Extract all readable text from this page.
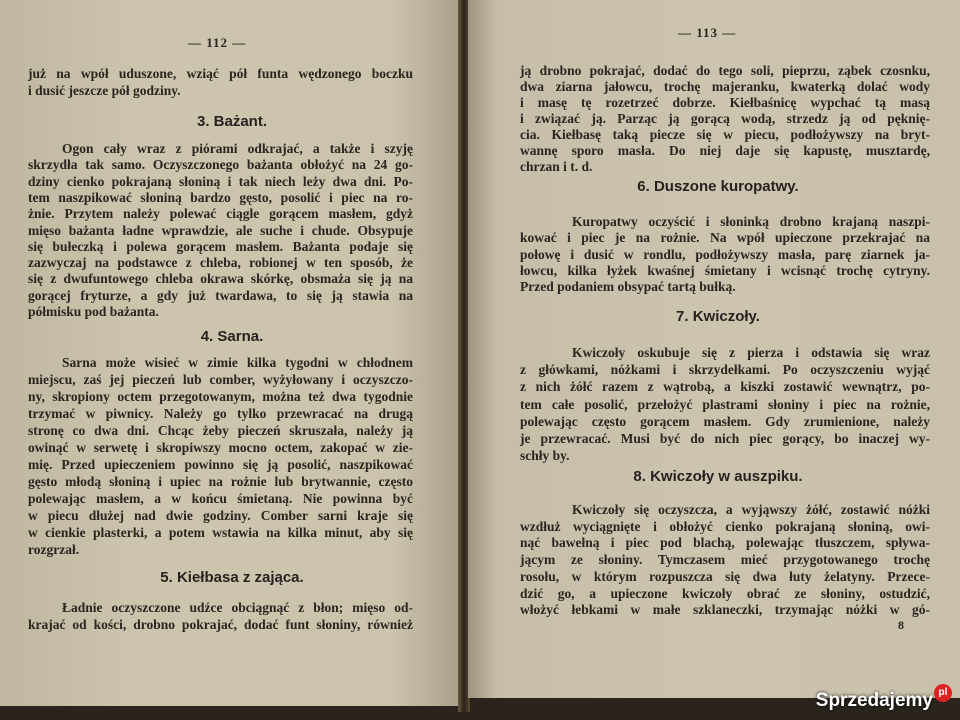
— 112 —
już na wpół uduszone, wziąć pół funta wędzonego boczku
i dusić jeszcze pół godziny.
3. Bażant.
Ogon cały wraz z piórami odkrajać, a także i szyję
skrzydła tak samo. Oczyszczonego bażanta obłożyć na 24 go-
dziny cienko pokrajaną słoniną i tak niech leży dwa dni. Po-
tem naszpikować słoniną bardzo gęsto, posolić i piec na ro-
żnie. Przytem należy polewać ciągle gorącem masłem, gdyż
mięso bażanta ładne wprawdzie, ale suche i chude. Obsypuje
się bułeczką i polewa gorącem masłem. Bażanta podaje się
zazwyczaj na podstawce z chleba, robionej w ten sposób, że
się z dwufuntowego chleba okrawa skórkę, obsmaża się ją na
gorącej fryturze, a gdy już twardawa, to się ją stawia na
półmisku pod bażanta.
4. Sarna.
Sarna może wisieć w zimie kilka tygodni w chłodnem
miejscu, zaś jej pieczeń lub comber, wyżyłowany i oczyszczo-
ny, skropiony octem przegotowanym, można też dwa tygodnie
trzymać w piwnicy. Należy go tylko przewracać na drugą
stronę co dwa dni. Chcąc żeby pieczeń skruszała, należy ją
owinąć w serwetę i skropiwszy mocno octem, zakopać w zie-
mię. Przed upieczeniem powinno się ją posolić, naszpikować
gęsto młodą słoniną i upiec na rożnie lub brytwannie, często
polewając masłem, a w końcu śmietaną. Nie powinna być
w piecu dłużej nad dwie godziny. Comber sarni kraje się
w cienkie plasterki, a potem wstawia na kilka minut, aby się
rozgrzał.
5. Kiełbasa z zająca.
Ładnie oczyszczone udźce obciągnąć z błon; mięso od-
krajać od kości, drobno pokrajać, dodać funt słoniny, również
— 113 —
8
ją drobno pokrajać, dodać do tego soli, pieprzu, ząbek czosnku,
dwa ziarna jałowcu, trochę majeranku, kwaterką dolać wody
i masę tę rozetrzeć dobrze. Kiełbaśnicę wypchać tą masą
i związać ją. Parząc ją gorącą wodą, strzedz ją od pęknię-
cia. Kiełbasę taką piecze się w piecu, podłożywszy na bryt-
wannę sporo masła. Do niej daje się kapustę, musztardę,
chrzan i t. d.
6. Duszone kuropatwy.
Kuropatwy oczyścić i słoninką drobno krajaną naszpi-
kować i piec je na rożnie. Na wpół upieczone przekrajać na
połowę i dusić w rondlu, podłożywszy masła, parę ziarnek ja-
łowcu, kilka łyżek kwaśnej śmietany i wcisnąć trochę cytryny.
Przed podaniem obsypać tartą bułką.
7. Kwiczoły.
Kwiczoły oskubuje się z pierza i odstawia się wraz
z główkami, nóżkami i skrzydełkami. Po oczyszczeniu wyjąć
z nich żółć razem z wątrobą, a kiszki zostawić wewnątrz, po-
tem całe posolić, przełożyć plastrami słoniny i piec na rożnie,
polewając często gorącem masłem. Gdy zrumienione, należy
je przewracać. Musi być do nich piec gorący, bo inaczej wy-
schły by.
8. Kwiczoły w auszpiku.
Kwiczoły się oczyszcza, a wyjąwszy żółć, zostawić nóżki
wzdłuż wyciągnięte i obłożyć cienko pokrajaną słoniną, owi-
nąć bawełną i piec pod blachą, polewając tłuszczem, spływa-
jącym ze słoniny. Tymczasem mieć przygotowanego trochę
rosołu, w którym rozpuszcza się dwa łuty żelatyny. Przece-
dzić go, a upieczone kwiczoły obrać ze słoniny, ostudzić,
włożyć łebkami w małe szklaneczki, trzymając nóżki w gó-
Sprzedajemy pl
